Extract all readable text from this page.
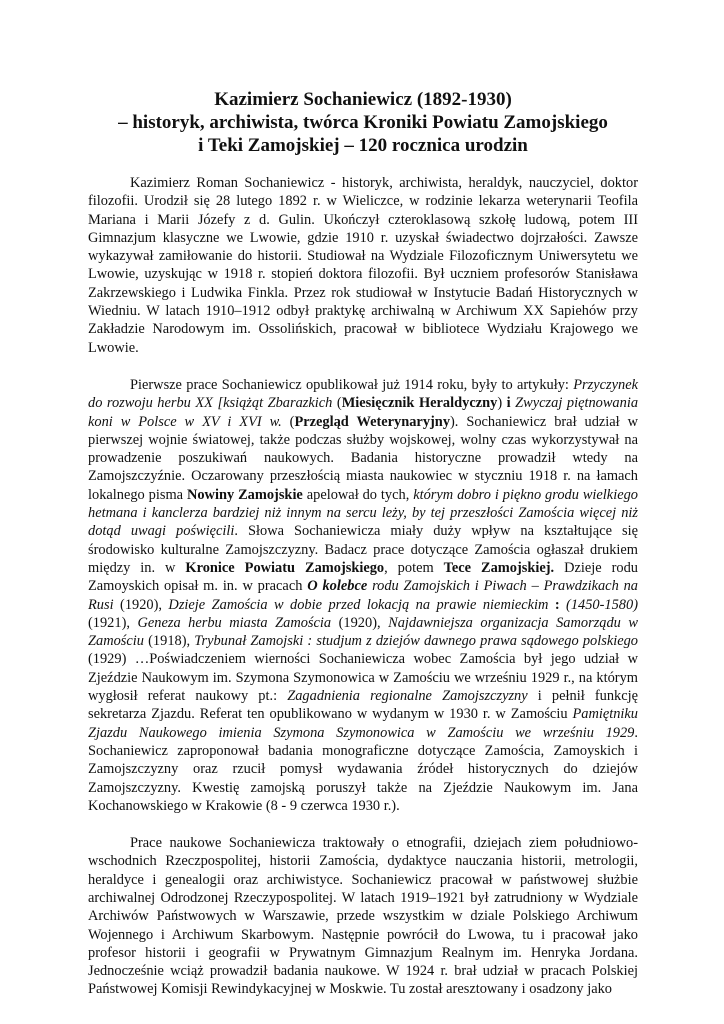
Kazimierz Sochaniewicz (1892-1930)
– historyk, archiwista, twórca Kroniki Powiatu Zamojskiego
i Teki Zamojskiej – 120 rocznica urodzin

Kazimierz Roman Sochaniewicz - historyk, archiwista, heraldyk, nauczyciel, doktor filozofii. Urodził się 28 lutego 1892 r. w Wieliczce, w rodzinie lekarza weterynarii Teofila Mariana i Marii Józefy z d. Gulin. Ukończył czteroklasową szkołę ludową, potem III Gimnazjum klasyczne we Lwowie, gdzie 1910 r. uzyskał świadectwo dojrzałości. Zawsze wykazywał zamiłowanie do historii. Studiował na Wydziale Filozoficznym Uniwersytetu we Lwowie, uzyskując w 1918 r. stopień doktora filozofii. Był uczniem profesorów Stanisława Zakrzewskiego i Ludwika Finkla. Przez rok studiował w Instytucie Badań Historycznych w Wiedniu. W latach 1910–1912 odbył praktykę archiwalną w Archiwum XX Sapiehów przy Zakładzie Narodowym im. Ossolińskich, pracował w bibliotece Wydziału Krajowego we Lwowie.

Pierwsze prace Sochaniewicz opublikował już 1914 roku, były to artykuły: Przyczynek do rozwoju herbu XX [książąt Zbarazkich (Miesięcznik Heraldyczny) i Zwyczaj piętnowania koni w Polsce w XV i XVI w. (Przegląd Weterynaryjny). Sochaniewicz brał udział w pierwszej wojnie światowej, także podczas służby wojskowej, wolny czas wykorzystywał na prowadzenie poszukiwań naukowych. Badania historyczne prowadził wtedy na Zamojszczyźnie. Oczarowany przeszłością miasta naukowiec w styczniu 1918 r. na łamach lokalnego pisma Nowiny Zamojskie apelował do tych, którym dobro i piękno grodu wielkiego hetmana i kanclerza bardziej niż innym na sercu leży, by tej przeszłości Zamościa więcej niż dotąd uwagi poświęcili. Słowa Sochaniewicza miały duży wpływ na kształtujące się środowisko kulturalne Zamojszczyzny. Badacz prace dotyczące Zamościa ogłaszał drukiem między in. w Kronice Powiatu Zamojskiego, potem Tece Zamojskiej. Dzieje rodu Zamoyskich opisał m. in. w pracach O kolebce rodu Zamojskich i Piwach – Prawdzikach na Rusi (1920), Dzieje Zamościa w dobie przed lokacją na prawie niemieckim : (1450-1580) (1921), Geneza herbu miasta Zamościa (1920), Najdawniejsza organizacja Samorządu w Zamościu (1918), Trybunał Zamojski : studjum z dziejów dawnego prawa sądowego polskiego (1929) …Poświadczeniem wierności Sochaniewicza wobec Zamościa był jego udział w Zjeździe Naukowym im. Szymona Szymonowica w Zamościu we wrześniu 1929 r., na którym wygłosił referat naukowy pt.: Zagadnienia regionalne Zamojszczyzny i pełnił funkcję sekretarza Zjazdu. Referat ten opublikowano w wydanym w 1930 r. w Zamościu Pamiętniku Zjazdu Naukowego imienia Szymona Szymonowica w Zamościu we wrześniu 1929. Sochaniewicz zaproponował badania monograficzne dotyczące Zamościa, Zamoyskich i Zamojszczyzny oraz rzucił pomysł wydawania źródeł historycznych do dziejów Zamojszczyzny. Kwestię zamojską poruszył także na Zjeździe Naukowym im. Jana Kochanowskiego w Krakowie (8 - 9 czerwca 1930 r.).

Prace naukowe Sochaniewicza traktowały o etnografii, dziejach ziem południowo-wschodnich Rzeczpospolitej, historii Zamościa, dydaktyce nauczania historii, metrologii, heraldyce i genealogii oraz archiwistyce. Sochaniewicz pracował w państwowej służbie archiwalnej Odrodzonej Rzeczypospolitej. W latach 1919–1921 był zatrudniony w Wydziale Archiwów Państwowych w Warszawie, przede wszystkim w dziale Polskiego Archiwum Wojennego i Archiwum Skarbowym. Następnie powrócił do Lwowa, tu i pracował jako profesor historii i geografii w Prywatnym Gimnazjum Realnym im. Henryka Jordana. Jednocześnie wciąż prowadził badania naukowe. W 1924 r. brał udział w pracach Polskiej Państwowej Komisji Rewindykacyjnej w Moskwie. Tu został aresztowany i osadzony jako
